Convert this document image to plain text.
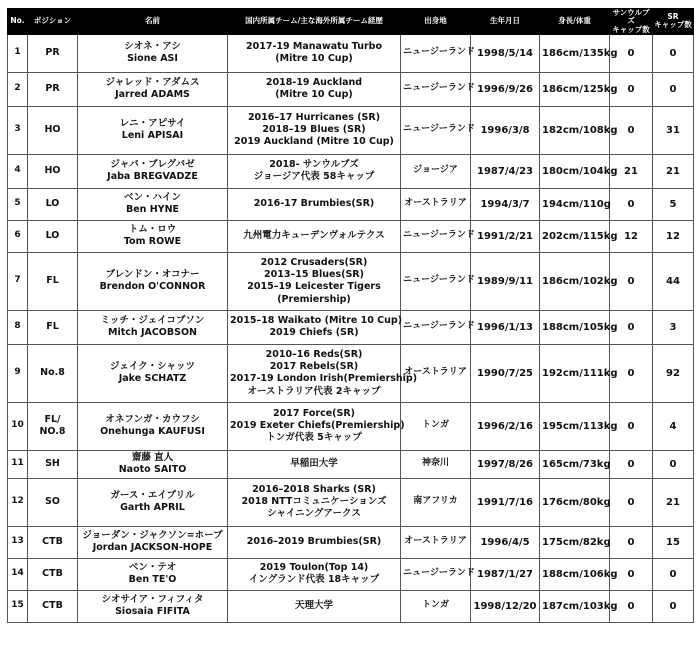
No.	ポジション	名前	国内所属チーム/主な海外所属チーム経歴	出身地	生年月日	身長/体重	サンウルブズ
キャップ数	SR
キャップ数

1	PR	シオネ・アシ
Sione ASI	2017-19 Manawatu Turbo
(Mitre 10 Cup)	ニュージーランド	1998/5/14	186cm/135kg	0	0
2	PR	ジャレッド・アダムス
Jarred ADAMS	2018-19 Auckland
(Mitre 10 Cup)	ニュージーランド	1996/9/26	186cm/125kg	0	0
3	HO	レニ・アピサイ
Leni APISAI	2016–17 Hurricanes (SR)
2018–19 Blues (SR)
2019 Auckland (Mitre 10 Cup)	ニュージーランド	1996/3/8	182cm/108kg	0	31
4	HO	ジャバ・ブレグバゼ
Jaba BREGVADZE	2018- サンウルブズ
ジョージア代表 58キャップ	ジョージア	1987/4/23	180cm/104kg	21	21
5	LO	ベン・ハイン
Ben HYNE	2016-17 Brumbies(SR)	オーストラリア	1994/3/7	194cm/110g	0	5
6	LO	トム・ロウ
Tom ROWE	九州電力キューデンヴォルテクス	ニュージーランド	1991/2/21	202cm/115kg	12	12
7	FL	ブレンドン・オコナー
Brendon O'CONNOR	2012 Crusaders(SR)
2013–15 Blues(SR)
2015–19 Leicester Tigers
(Premiership)	ニュージーランド	1989/9/11	186cm/102kg	0	44
8	FL	ミッチ・ジェイコブソン
Mitch JACOBSON	2015–18 Waikato (Mitre 10 Cup)
2019 Chiefs (SR)	ニュージーランド	1996/1/13	188cm/105kg	0	3
9	No.8	ジェイク・シャッツ
Jake SCHATZ	2010–16 Reds(SR)
2017 Rebels(SR)
2017-19 London Irish(Premiership)
オーストラリア代表 2キャップ	オーストラリア	1990/7/25	192cm/111kg	0	92
10	FL/
NO.8	オネフンガ・カウフシ
Onehunga KAUFUSI	2017 Force(SR)
2019 Exeter Chiefs(Premiership)
トンガ代表 5キャップ	トンガ	1996/2/16	195cm/113kg	0	4
11	SH	齋藤 直人
Naoto SAITO	早稲田大学	神奈川	1997/8/26	165cm/73kg	0	0
12	SO	ガース・エイプリル
Garth APRIL	2016–2018 Sharks (SR)
2018 NTTコミュニケーションズ
シャイニングアークス	南アフリカ	1991/7/16	176cm/80kg	0	21
13	CTB	ジョーダン・ジャクソン=ホープ
Jordan JACKSON-HOPE	2016–2019 Brumbies(SR)	オーストラリア	1996/4/5	175cm/82kg	0	15
14	CTB	ベン・テオ
Ben TE'O	2019 Toulon(Top 14)
イングランド代表 18キャップ	ニュージーランド	1987/1/27	188cm/106kg	0	0
15	CTB	シオサイア・フィフィタ
Siosaia FIFITA	天理大学	トンガ	1998/12/20	187cm/103kg	0	0
